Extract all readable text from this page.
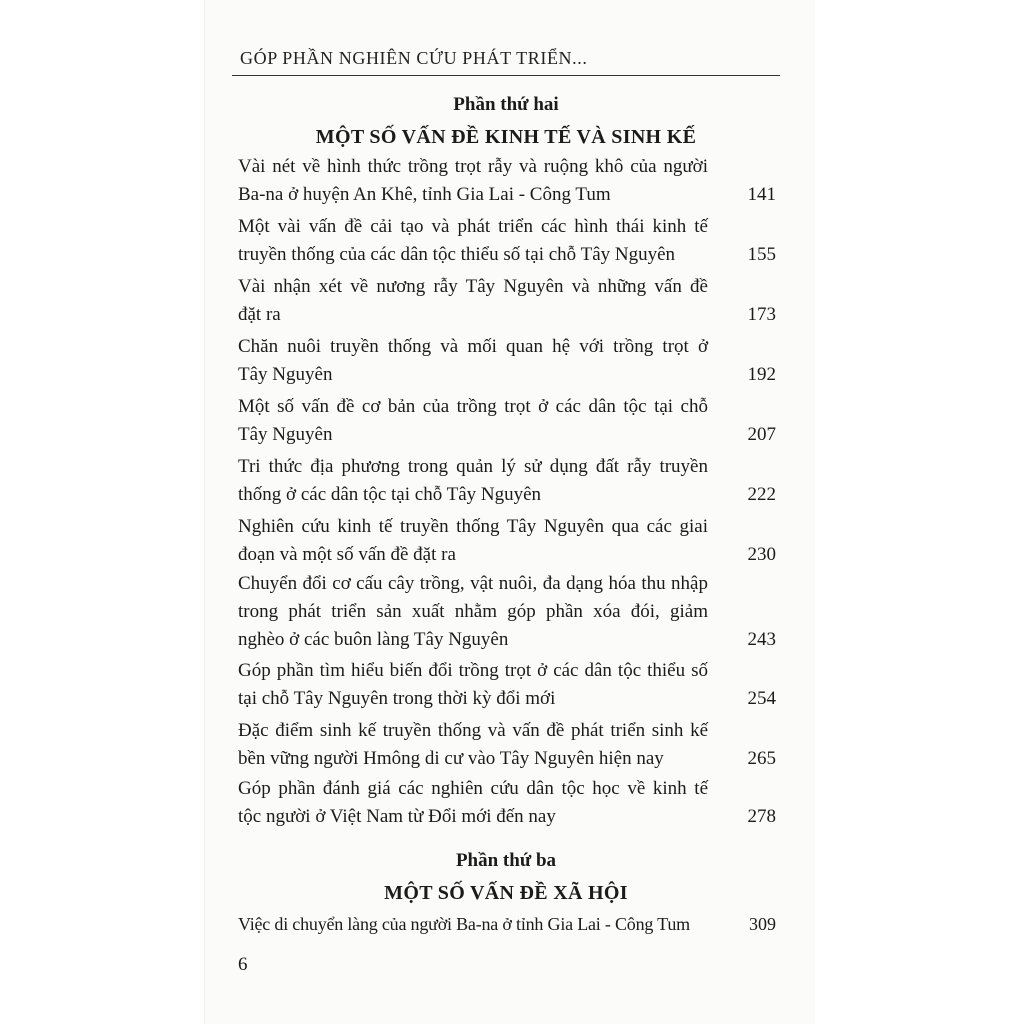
GÓP PHẦN NGHIÊN CỨU PHÁT TRIỂN...
Phần thứ hai
MỘT SỐ VẤN ĐỀ KINH TẾ VÀ SINH KẾ
Vài nét về hình thức trồng trọt rẫy và ruộng khô của người
Ba-na ở huyện An Khê, tỉnh Gia Lai - Công Tum	141
Một vài vấn đề cải tạo và phát triển các hình thái kinh tế
truyền thống của các dân tộc thiểu số tại chỗ Tây Nguyên	155
Vài nhận xét về nương rẫy Tây Nguyên và những vấn đề
đặt ra	173
Chăn nuôi truyền thống và mối quan hệ với trồng trọt ở
Tây Nguyên	192
Một số vấn đề cơ bản của trồng trọt ở các dân tộc tại chỗ
Tây Nguyên	207
Tri thức địa phương trong quản lý sử dụng đất rẫy truyền
thống ở các dân tộc tại chỗ Tây Nguyên	222
Nghiên cứu kinh tế truyền thống Tây Nguyên qua các giai
đoạn và một số vấn đề đặt ra	230
Chuyển đổi cơ cấu cây trồng, vật nuôi, đa dạng hóa thu nhập
trong phát triển sản xuất nhằm góp phần xóa đói, giảm
nghèo ở các buôn làng Tây Nguyên	243
Góp phần tìm hiểu biến đổi trồng trọt ở các dân tộc thiểu số
tại chỗ Tây Nguyên trong thời kỳ đổi mới	254
Đặc điểm sinh kế truyền thống và vấn đề phát triển sinh kế
bền vững người Hmông di cư vào Tây Nguyên hiện nay	265
Góp phần đánh giá các nghiên cứu dân tộc học về kinh tế
tộc người ở Việt Nam từ Đổi mới đến nay	278
Phần thứ ba
MỘT SỐ VẤN ĐỀ XÃ HỘI
Việc di chuyển làng của người Ba-na ở tỉnh Gia Lai - Công Tum	309
6
